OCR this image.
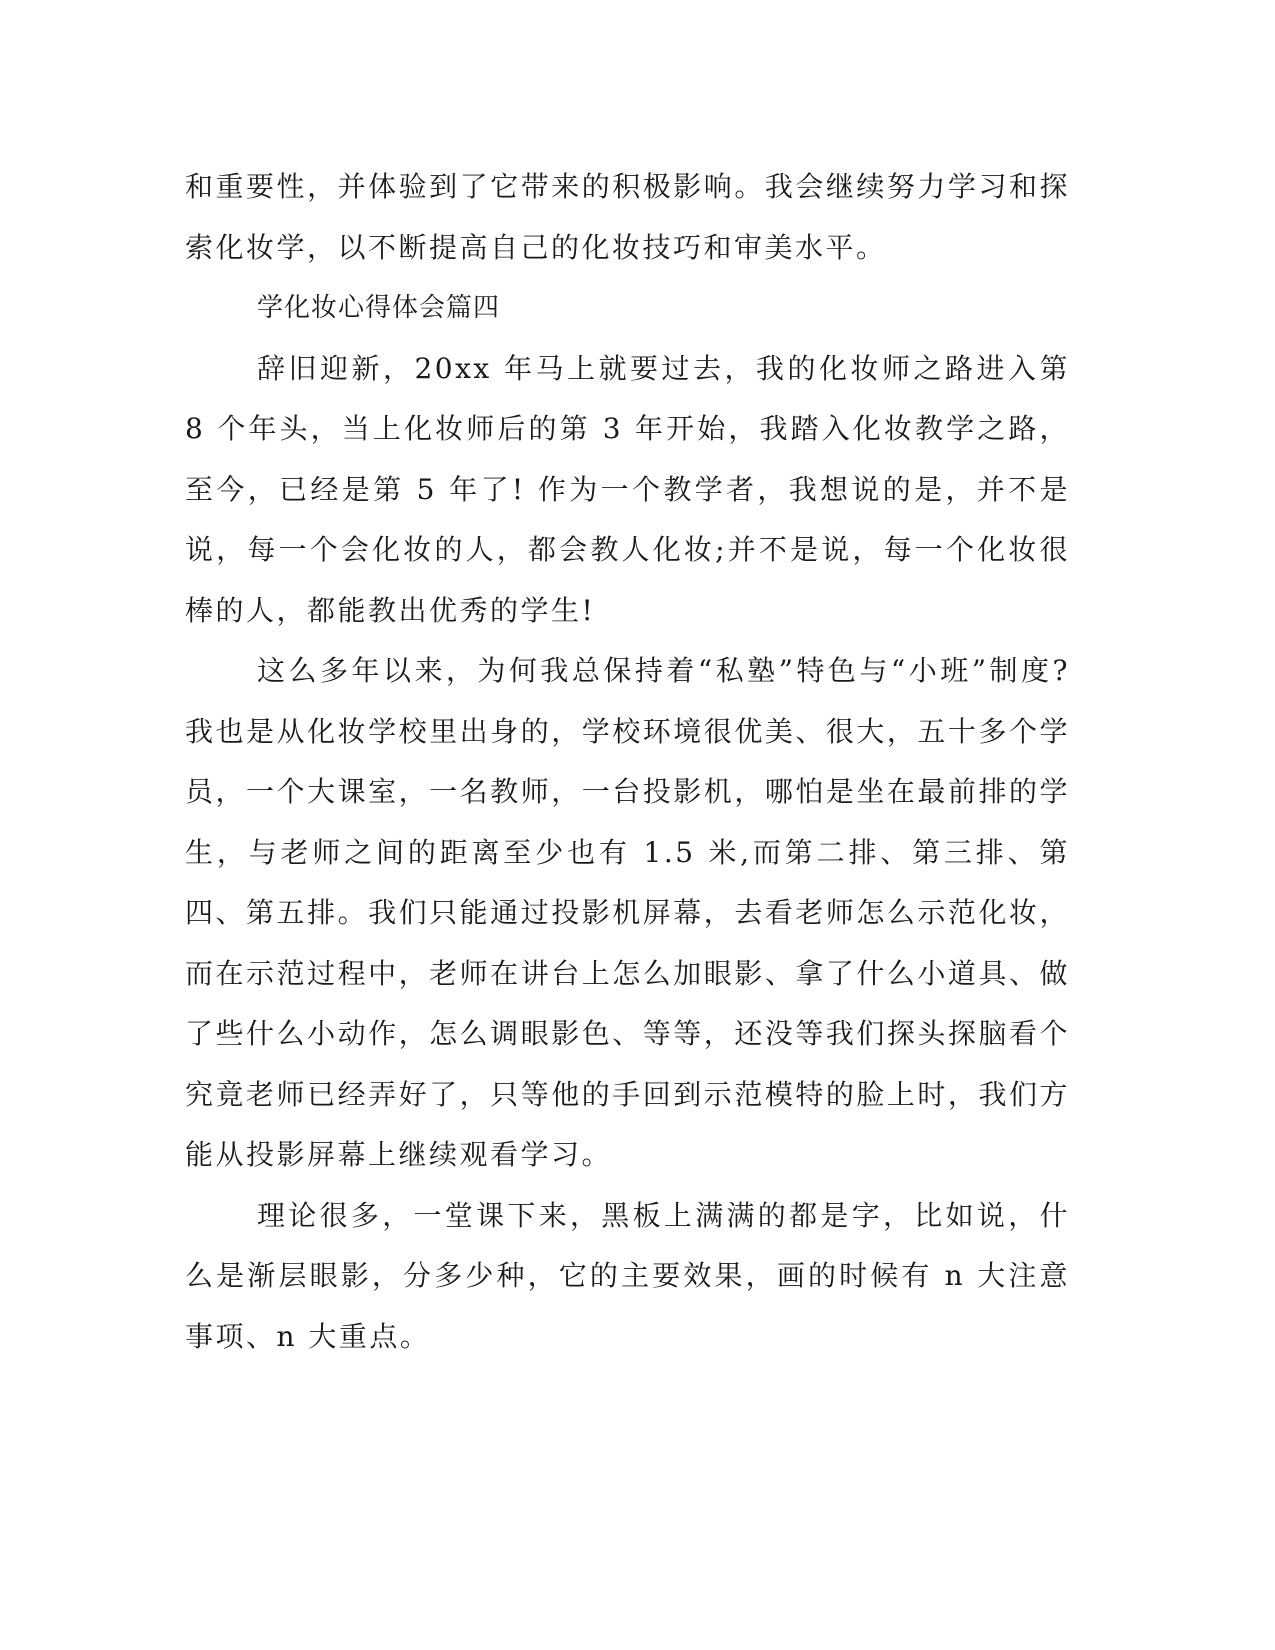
和重要性，并体验到了它带来的积极影响。我会继续努力学习和探索化妆学，以不断提高自己的化妆技巧和审美水平。

学化妆心得体会篇四

辞旧迎新，20xx 年马上就要过去，我的化妆师之路进入第 8 个年头，当上化妆师后的第 3 年开始，我踏入化妆教学之路，至今，已经是第 5 年了! 作为一个教学者，我想说的是，并不是说，每一个会化妆的人，都会教人化妆;并不是说，每一个化妆很棒的人，都能教出优秀的学生!

这么多年以来，为何我总保持着“私塾”特色与“小班”制度? 我也是从化妆学校里出身的，学校环境很优美、很大，五十多个学员，一个大课室，一名教师，一台投影机，哪怕是坐在最前排的学生，与老师之间的距离至少也有 1.5 米,而第二排、第三排、第四、第五排。我们只能通过投影机屏幕，去看老师怎么示范化妆，而在示范过程中，老师在讲台上怎么加眼影、拿了什么小道具、做了些什么小动作，怎么调眼影色、等等，还没等我们探头探脑看个究竟老师已经弄好了，只等他的手回到示范模特的脸上时，我们方能从投影屏幕上继续观看学习。

理论很多，一堂课下来，黑板上满满的都是字，比如说，什么是渐层眼影，分多少种，它的主要效果，画的时候有 n 大注意事项、n 大重点。
